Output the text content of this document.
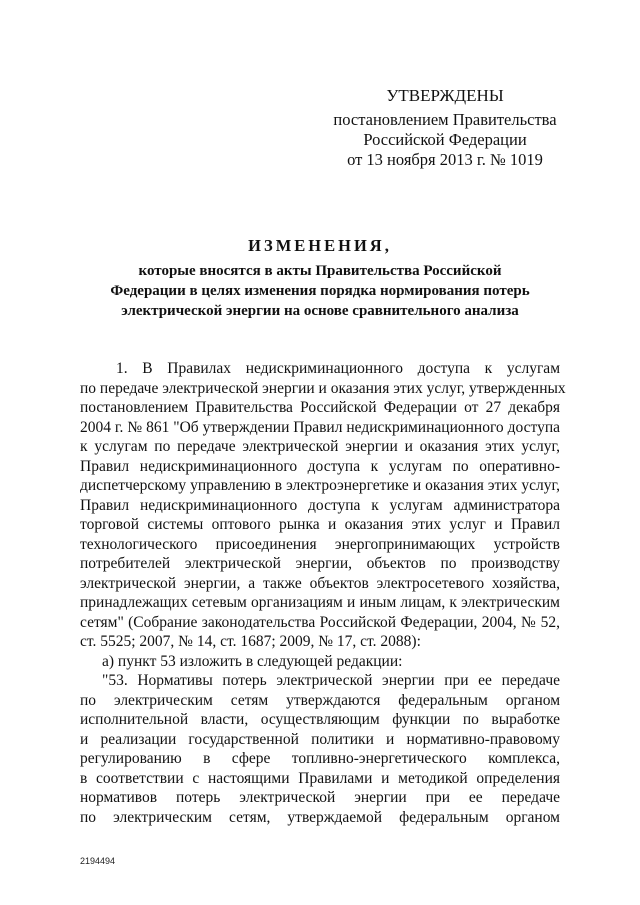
УТВЕРЖДЕНЫ
постановлением Правительства
Российской Федерации
от 13 ноября 2013 г. № 1019
ИЗМЕНЕНИЯ,
которые вносятся в акты Правительства Российской
Федерации в целях изменения порядка нормирования потерь
электрической энергии на основе сравнительного анализа
1. В Правилах недискриминационного доступа к услугам
по передаче электрической энергии и оказания этих услуг, утвержденных
постановлением Правительства Российской Федерации от 27 декабря
2004 г. № 861 "Об утверждении Правил недискриминационного доступа
к услугам по передаче электрической энергии и оказания этих услуг,
Правил недискриминационного доступа к услугам по оперативно-
диспетчерскому управлению в электроэнергетике и оказания этих услуг,
Правил недискриминационного доступа к услугам администратора
торговой системы оптового рынка и оказания этих услуг и Правил
технологического присоединения энергопринимающих устройств
потребителей электрической энергии, объектов по производству
электрической энергии, а также объектов электросетевого хозяйства,
принадлежащих сетевым организациям и иным лицам, к электрическим
сетям" (Собрание законодательства Российской Федерации, 2004, № 52,
ст. 5525; 2007, № 14, ст. 1687; 2009, № 17, ст. 2088):
а) пункт 53 изложить в следующей редакции:
"53. Нормативы потерь электрической энергии при ее передаче
по электрическим сетям утверждаются федеральным органом
исполнительной власти, осуществляющим функции по выработке
и реализации государственной политики и нормативно-правовому
регулированию в сфере топливно-энергетического комплекса,
в соответствии с настоящими Правилами и методикой определения
нормативов потерь электрической энергии при ее передаче
по электрическим сетям, утверждаемой федеральным органом
2194494
